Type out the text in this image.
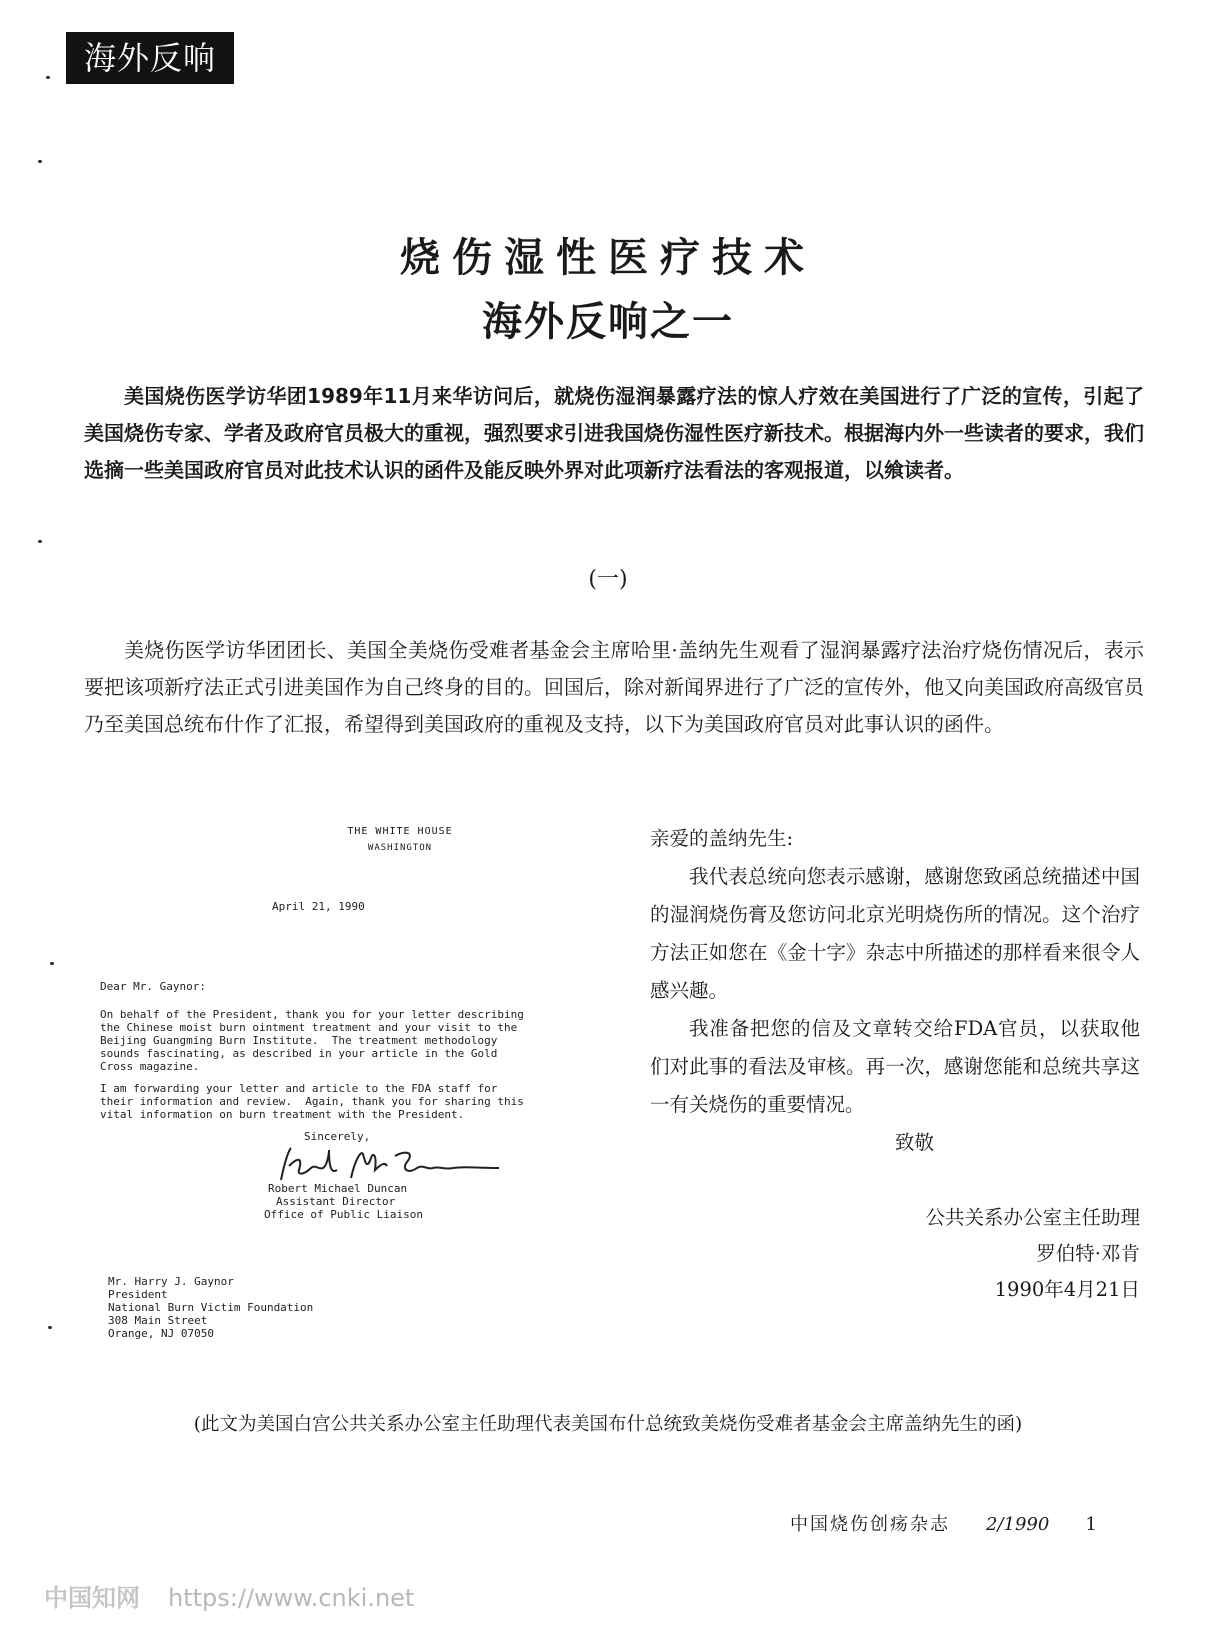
海外反响
烧伤湿性医疗技术
海外反响之一

美国烧伤医学访华团1989年11月来华访问后，就烧伤湿润暴露疗法的惊人疗效在美国进行了广泛的宣传，引起了美国烧伤专家、学者及政府官员极大的重视，强烈要求引进我国烧伤湿性医疗新技术。根据海内外一些读者的要求，我们选摘一些美国政府官员对此技术认识的函件及能反映外界对此项新疗法看法的客观报道，以飨读者。

(一)

美烧伤医学访华团团长、美国全美烧伤受难者基金会主席哈里·盖纳先生观看了湿润暴露疗法治疗烧伤情况后，表示要把该项新疗法正式引进美国作为自己终身的目的。回国后，除对新闻界进行了广泛的宣传外，他又向美国政府高级官员乃至美国总统布什作了汇报，希望得到美国政府的重视及支持，以下为美国政府官员对此事认识的函件。

THE WHITE HOUSE
WASHINGTON
April 21, 1990
Dear Mr. Gaynor:
On behalf of the President, thank you for your letter describing
the Chinese moist burn ointment treatment and your visit to the
Beijing Guangming Burn Institute.  The treatment methodology
sounds fascinating, as described in your article in the Gold
Cross magazine.
I am forwarding your letter and article to the FDA staff for
their information and review.  Again, thank you for sharing this
vital information on burn treatment with the President.
Sincerely,
Robert Michael Duncan
Assistant Director
Office of Public Liaison
Mr. Harry J. Gaynor
President
National Burn Victim Foundation
308 Main Street
Orange, NJ 07050

亲爱的盖纳先生:

我代表总统向您表示感谢，感谢您致函总统描述中国的湿润烧伤膏及您访问北京光明烧伤所的情况。这个治疗方法正如您在《金十字》杂志中所描述的那样看来很令人感兴趣。

我准备把您的信及文章转交给FDA官员，以获取他们对此事的看法及审核。再一次，感谢您能和总统共享这一有关烧伤的重要情况。

致敬

公共关系办公室主任助理
罗伯特·邓肯
1990年4月21日
(此文为美国白宫公共关系办公室主任助理代表美国布什总统致美烧伤受难者基金会主席盖纳先生的函)
中国烧伤创疡杂志 2/1990 1
中国知网 https://www.cnki.net
